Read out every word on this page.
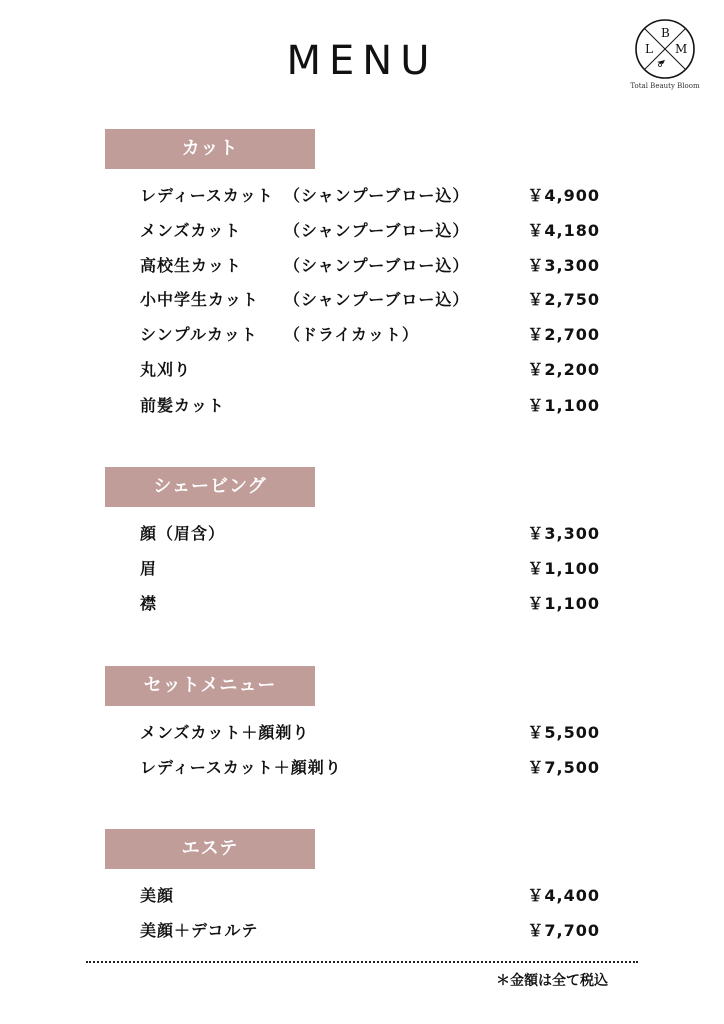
MENU
B
L M
Total Beauty Bloom
カット
レディースカット （シャンプーブロー込）	￥4,900
メンズカット	（シャンプーブロー込）	￥4,180
高校生カット	（シャンプーブロー込）	￥3,300
小中学生カット （シャンプーブロー込）	￥2,750
シンプルカット （ドライカット）	￥2,700
丸刈り	￥2,200
前髪カット	￥1,100
シェービング
顔（眉含）	￥3,300
眉	￥1,100
襟	￥1,100
セットメニュー
メンズカット＋顔剃り	￥5,500
レディースカット＋顔剃り	￥7,500
エステ
美顔	￥4,400
美顔＋デコルテ	￥7,700
＊金額は全て税込
